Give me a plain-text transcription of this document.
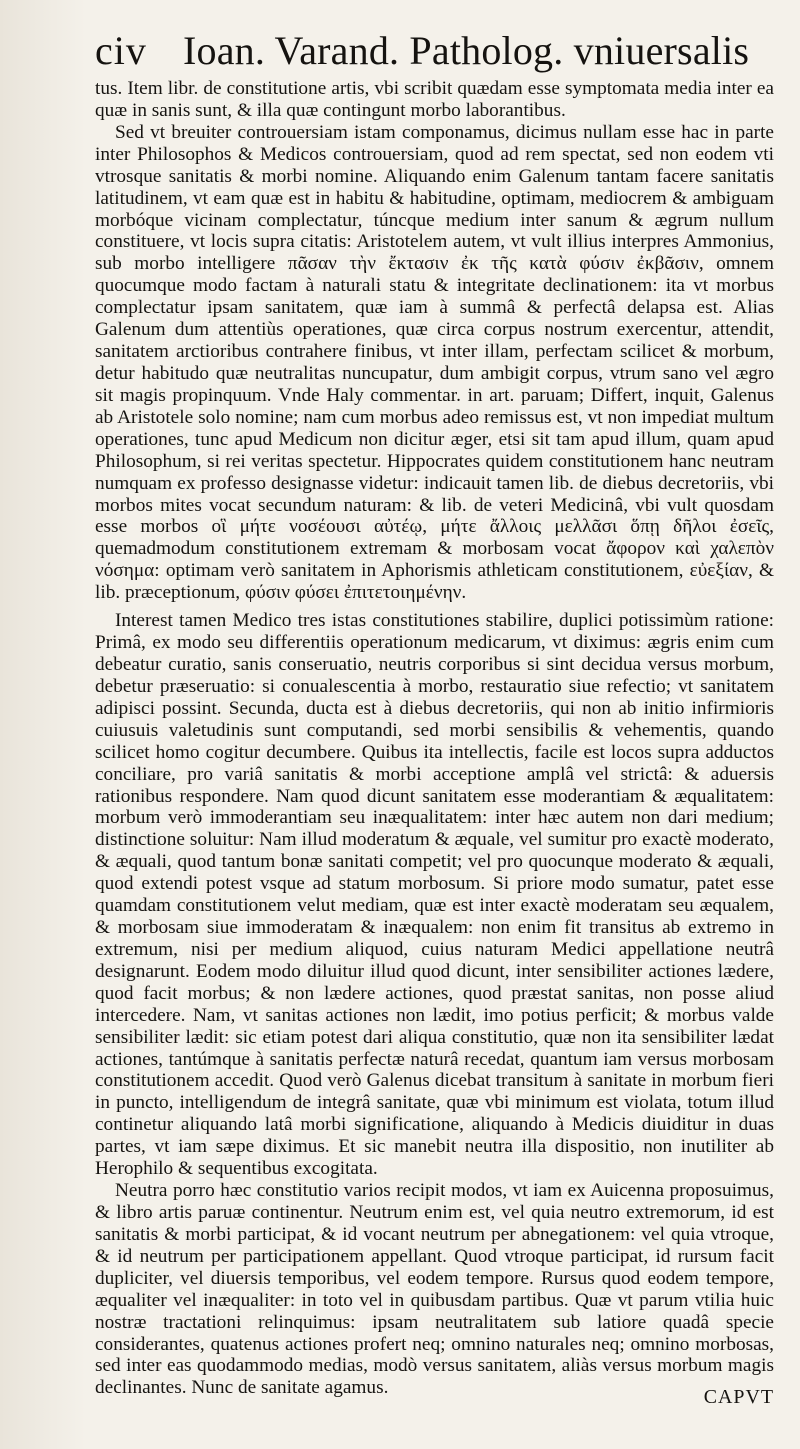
civ Ioan. Varand. Patholog. vniuersalis

tus. Item libr. de constitutione artis, vbi scribit quædam esse symptomata media inter ea quæ in sanis sunt, & illa quæ contingunt morbo laborantibus.

Sed vt breuiter controuersiam istam componamus, dicimus nullam esse hac in parte inter Philosophos & Medicos controuersiam, quod ad rem spectat, sed non eodem vti vtrosque sanitatis & morbi nomine. Aliquando enim Galenum tantam facere sanitatis latitudinem, vt eam quæ est in habitu & habitudine, optimam, mediocrem & ambiguam morbóque vicinam complectatur, túncque medium inter sanum & ægrum nullum constituere, vt locis supra citatis: Aristotelem autem, vt vult illius interpres Ammonius, sub morbo intelligere πᾶσαν τὴν ἔκτασιν ἐκ τῆς κατὰ φύσιν ἐκβᾶσιν, omnem quocumque modo factam à naturali statu & integritate declinationem: ita vt morbus complectatur ipsam sanitatem, quæ iam à summâ & perfectâ delapsa est. Alias Galenum dum attentiùs operationes, quæ circa corpus nostrum exercentur, attendit, sanitatem arctioribus contrahere finibus, vt inter illam, perfectam scilicet & morbum, detur habitudo quæ neutralitas nuncupatur, dum ambigit corpus, vtrum sano vel ægro sit magis propinquum. Vnde Haly commentar. in art. paruam; Differt, inquit, Galenus ab Aristotele solo nomine; nam cum morbus adeo remissus est, vt non impediat multum operationes, tunc apud Medicum non dicitur æger, etsi sit tam apud illum, quam apud Philosophum, si rei veritas spectetur. Hippocrates quidem constitutionem hanc neutram numquam ex professo designasse videtur: indicauit tamen lib. de diebus decretoriis, vbi morbos mites vocat secundum naturam: & lib. de veteri Medicinâ, vbi vult quosdam esse morbos οἳ μήτε νοσέουσι αὐτέῳ, μήτε ἄλλοις μελλᾶσι ὅπῃ δῆλοι ἐσεῖς, quemadmodum constitutionem extremam & morbosam vocat ἄφορον καὶ χαλεπὸν νόσημα: optimam verò sanitatem in Aphorismis athleticam constitutionem, εὐεξίαν, & lib. præceptionum, φύσιν φύσει ἐπιτετοιημένην.

Interest tamen Medico tres istas constitutiones stabilire, duplici potissimùm ratione: Primâ, ex modo seu differentiis operationum medicarum, vt diximus: ægris enim cum debeatur curatio, sanis conseruatio, neutris corporibus si sint decidua versus morbum, debetur præseruatio: si conualescentia à morbo, restauratio siue refectio; vt sanitatem adipisci possint. Secunda, ducta est à diebus decretoriis, qui non ab initio infirmioris cuiusuis valetudinis sunt computandi, sed morbi sensibilis & vehementis, quando scilicet homo cogitur decumbere. Quibus ita intellectis, facile est locos supra adductos conciliare, pro variâ sanitatis & morbi acceptione amplâ vel strictâ: & aduersis rationibus respondere. Nam quod dicunt sanitatem esse moderantiam & æqualitatem: morbum verò immoderantiam seu inæqualitatem: inter hæc autem non dari medium; distinctione soluitur: Nam illud moderatum & æquale, vel sumitur pro exactè moderato, & æquali, quod tantum bonæ sanitati competit; vel pro quocunque moderato & æquali, quod extendi potest vsque ad statum morbosum. Si priore modo sumatur, patet esse quamdam constitutionem velut mediam, quæ est inter exactè moderatam seu æqualem, & morbosam siue immoderatam & inæqualem: non enim fit transitus ab extremo in extremum, nisi per medium aliquod, cuius naturam Medici appellatione neutrâ designarunt. Eodem modo diluitur illud quod dicunt, inter sensibiliter actiones lædere, quod facit morbus; & non lædere actiones, quod præstat sanitas, non posse aliud intercedere. Nam, vt sanitas actiones non lædit, imo potius perficit; & morbus valde sensibiliter lædit: sic etiam potest dari aliqua constitutio, quæ non ita sensibiliter lædat actiones, tantúmque à sanitatis perfectæ naturâ recedat, quantum iam versus morbosam constitutionem accedit. Quod verò Galenus dicebat transitum à sanitate in morbum fieri in puncto, intelligendum de integrâ sanitate, quæ vbi minimum est violata, totum illud continetur aliquando latâ morbi significatione, aliquando à Medicis diuiditur in duas partes, vt iam sæpe diximus. Et sic manebit neutra illa dispositio, non inutiliter ab Herophilo & sequentibus excogitata.

Neutra porro hæc constitutio varios recipit modos, vt iam ex Auicenna proposuimus, & libro artis paruæ continentur. Neutrum enim est, vel quia neutro extremorum, id est sanitatis & morbi participat, & id vocant neutrum per abnegationem: vel quia vtroque, & id neutrum per participationem appellant. Quod vtroque participat, id rursum facit dupliciter, vel diuersis temporibus, vel eodem tempore. Rursus quod eodem tempore, æqualiter vel inæqualiter: in toto vel in quibusdam partibus. Quæ vt parum vtilia huic nostræ tractationi relinquimus: ipsam neutralitatem sub latiore quadâ specie considerantes, quatenus actiones profert neq; omnino naturales neq; omnino morbosas, sed inter eas quodammodo medias, modò versus sanitatem, aliàs versus morbum magis declinantes. Nunc de sanitate agamus.	CAPVT
